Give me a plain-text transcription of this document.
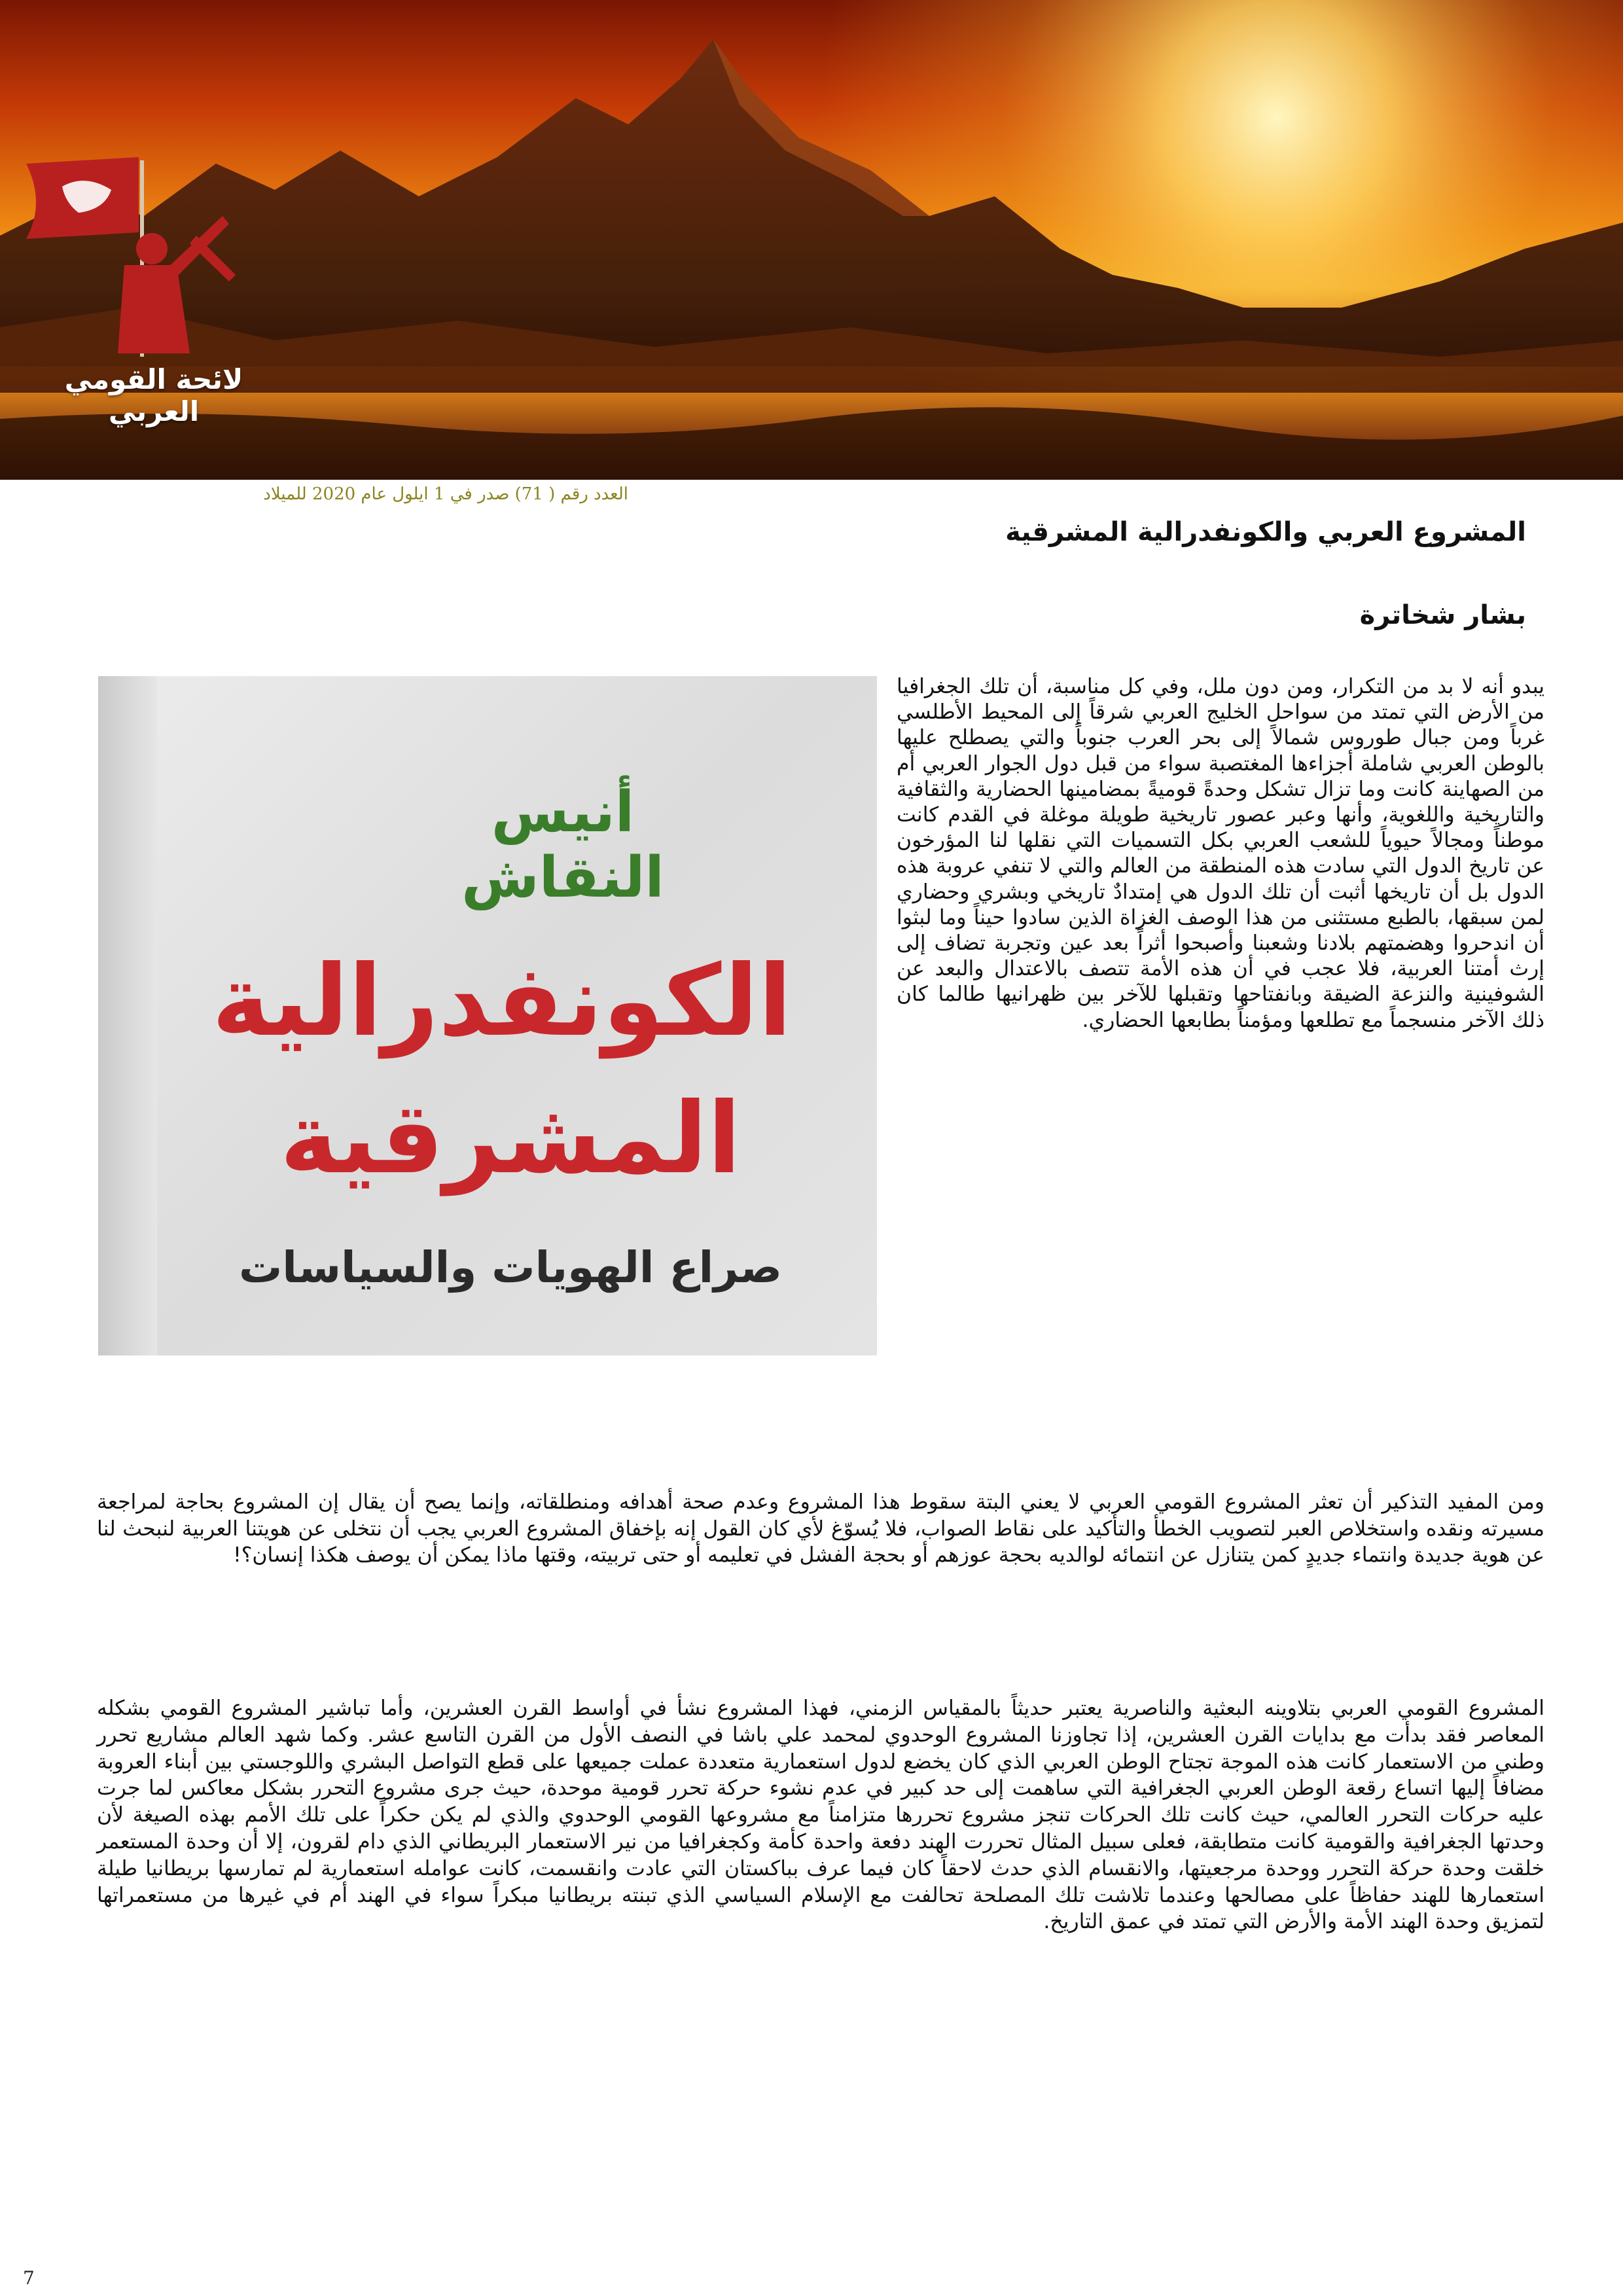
لائحة القومي العربي
العدد رقم ( 71) صدر في 1 ايلول عام 2020 للميلاد
المشروع العربي والكونفدرالية المشرقية
بشار شخاترة
أنيس النقاش
الكونفدرالية
المشرقية
صراع الهويات والسياسات
يبدو أنه لا بد من التكرار، ومن دون ملل، وفي كل مناسبة، أن تلك الجغرافيا من الأرض التي تمتد من سواحل الخليج العربي شرقاً إلى المحيط الأطلسي غرباً ومن جبال طوروس شمالاً إلى بحر العرب جنوباً والتي يصطلح عليها بالوطن العربي شاملة أجزاءها المغتصبة سواء من قبل دول الجوار العربي أم من الصهاينة كانت وما تزال تشكل وحدةً قوميةً بمضامينها الحضارية والثقافية والتاريخية واللغوية، وأنها وعبر عصور تاريخية طويلة موغلة في القدم كانت موطناً ومجالاً حيوياً للشعب العربي بكل التسميات التي نقلها لنا المؤرخون عن تاريخ الدول التي سادت هذه المنطقة من العالم والتي لا تنفي عروبة هذه الدول بل أن تاريخها أثبت أن تلك الدول هي إمتدادٌ تاريخي وبشري وحضاري لمن سبقها، بالطبع مستثنى من هذا الوصف الغزاة الذين سادوا حيناً وما لبثوا أن اندحروا وهضمتهم بلادنا وشعبنا وأصبحوا أثراً بعد عين وتجربة تضاف إلى إرث أمتنا العربية، فلا عجب في أن هذه الأمة تتصف بالاعتدال والبعد عن الشوفينية والنزعة الضيقة وبانفتاحها وتقبلها للآخر بين ظهرانيها طالما كان ذلك الآخر منسجماً مع تطلعها ومؤمناً بطابعها الحضاري.
ومن المفيد التذكير أن تعثر المشروع القومي العربي لا يعني البتة سقوط هذا المشروع وعدم صحة أهدافه ومنطلقاته، وإنما يصح أن يقال إن المشروع بحاجة لمراجعة مسيرته ونقده واستخلاص العبر لتصويب الخطأ والتأكيد على نقاط الصواب، فلا يُسوّغ لأي كان القول إنه بإخفاق المشروع العربي يجب أن نتخلى عن هويتنا العربية لنبحث لنا عن هوية جديدة وانتماء جديدٍ كمن يتنازل عن انتمائه لوالديه بحجة عوزهم أو بحجة الفشل في تعليمه أو حتى تربيته، وقتها ماذا يمكن أن يوصف هكذا إنسان؟!
المشروع القومي العربي بتلاوينه البعثية والناصرية يعتبر حديثاً بالمقياس الزمني، فهذا المشروع نشأ في أواسط القرن العشرين، وأما تباشير المشروع القومي بشكله المعاصر فقد بدأت مع بدايات القرن العشرين، إذا تجاوزنا المشروع الوحدوي لمحمد علي باشا في النصف الأول من القرن التاسع عشر. وكما شهد العالم مشاريع تحرر وطني من الاستعمار كانت هذه الموجة تجتاح الوطن العربي الذي كان يخضع لدول استعمارية متعددة عملت جميعها على قطع التواصل البشري واللوجستي بين أبناء العروبة مضافاً إليها اتساع رقعة الوطن العربي الجغرافية التي ساهمت إلى حد كبير في عدم نشوء حركة تحرر قومية موحدة، حيث جرى مشروع التحرر بشكل معاكس لما جرت عليه حركات التحرر العالمي، حيث كانت تلك الحركات تنجز مشروع تحررها متزامناً مع مشروعها القومي الوحدوي والذي لم يكن حكراً على تلك الأمم بهذه الصيغة لأن وحدتها الجغرافية والقومية كانت متطابقة، فعلى سبيل المثال تحررت الهند دفعة واحدة كأمة وكجغرافيا من نير الاستعمار البريطاني الذي دام لقرون، إلا أن وحدة المستعمر خلقت وحدة حركة التحرر ووحدة مرجعيتها، والانقسام الذي حدث لاحقاً كان فيما عرف بباكستان التي عادت وانقسمت، كانت عوامله استعمارية لم تمارسها بريطانيا طيلة استعمارها للهند حفاظاً على مصالحها وعندما تلاشت تلك المصلحة تحالفت مع الإسلام السياسي الذي تبنته بريطانيا مبكراً سواء في الهند أم في غيرها من مستعمراتها لتمزيق وحدة الهند الأمة والأرض التي تمتد في عمق التاريخ.
7
